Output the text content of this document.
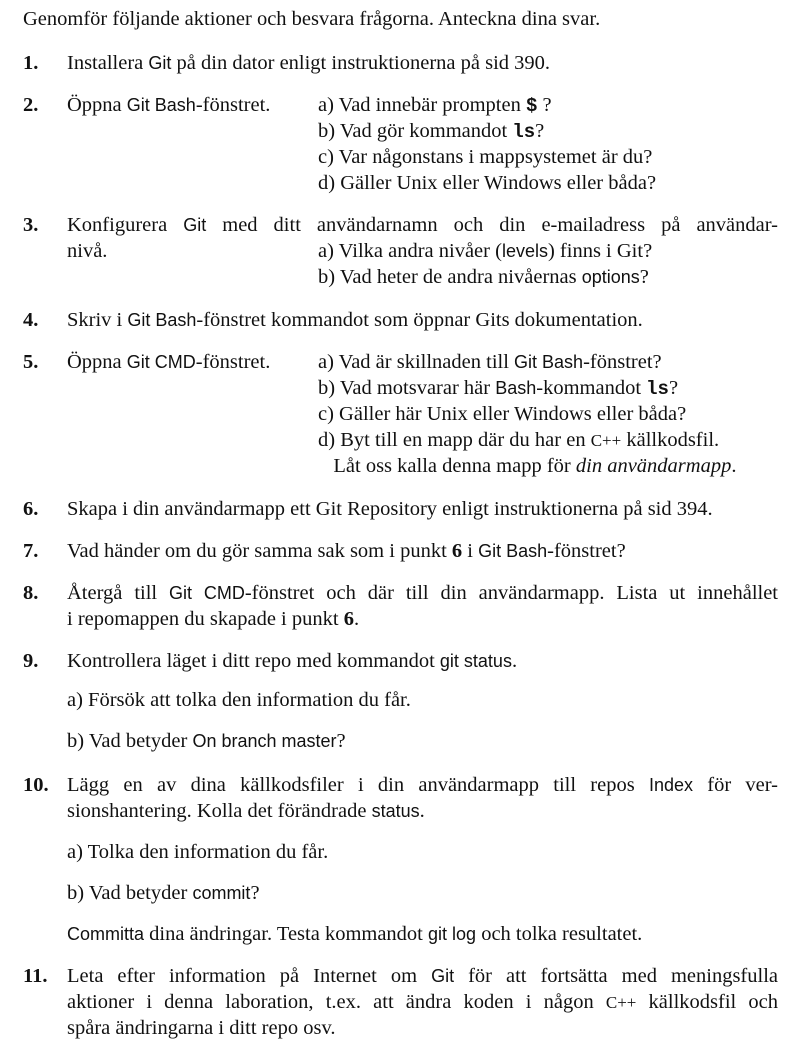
Genomför följande aktioner och besvara frågorna. Anteckna dina svar.
1. Installera Git på din dator enligt instruktionerna på sid 390.
2. Öppna Git Bash-fönstret. a) Vad innebär prompten $ ?
b) Vad gör kommandot ls?
c) Var någonstans i mappsystemet är du?
d) Gäller Unix eller Windows eller båda?
3. Konfigurera Git med ditt användarnamn och din e-mailadress på användar-
nivå.	a) Vilka andra nivåer (levels) finns i Git?
b) Vad heter de andra nivåernas options?
4. Skriv i Git Bash-fönstret kommandot som öppnar Gits dokumentation.
5. Öppna Git CMD-fönstret. a) Vad är skillnaden till Git Bash-fönstret?
b) Vad motsvarar här Bash-kommandot ls?
c) Gäller här Unix eller Windows eller båda?
d) Byt till en mapp där du har en C++ källkodsfil.
Låt oss kalla denna mapp för din användarmapp.
6. Skapa i din användarmapp ett Git Repository enligt instruktionerna på sid 394.
7. Vad händer om du gör samma sak som i punkt 6 i Git Bash-fönstret?
8. Återgå till Git CMD-fönstret och där till din användarmapp. Lista ut innehållet
i repomappen du skapade i punkt 6.
9. Kontrollera läget i ditt repo med kommandot git status.
a) Försök att tolka den information du får.
b) Vad betyder On branch master?
10. Lägg en av dina källkodsfiler i din användarmapp till repos Index för ver-
sionshantering. Kolla det förändrade status.
a) Tolka den information du får.
b) Vad betyder commit?
Committa dina ändringar. Testa kommandot git log och tolka resultatet.
11. Leta efter information på Internet om Git för att fortsätta med meningsfulla
aktioner i denna laboration, t.ex. att ändra koden i någon C++ källkodsfil och
spåra ändringarna i ditt repo osv.
